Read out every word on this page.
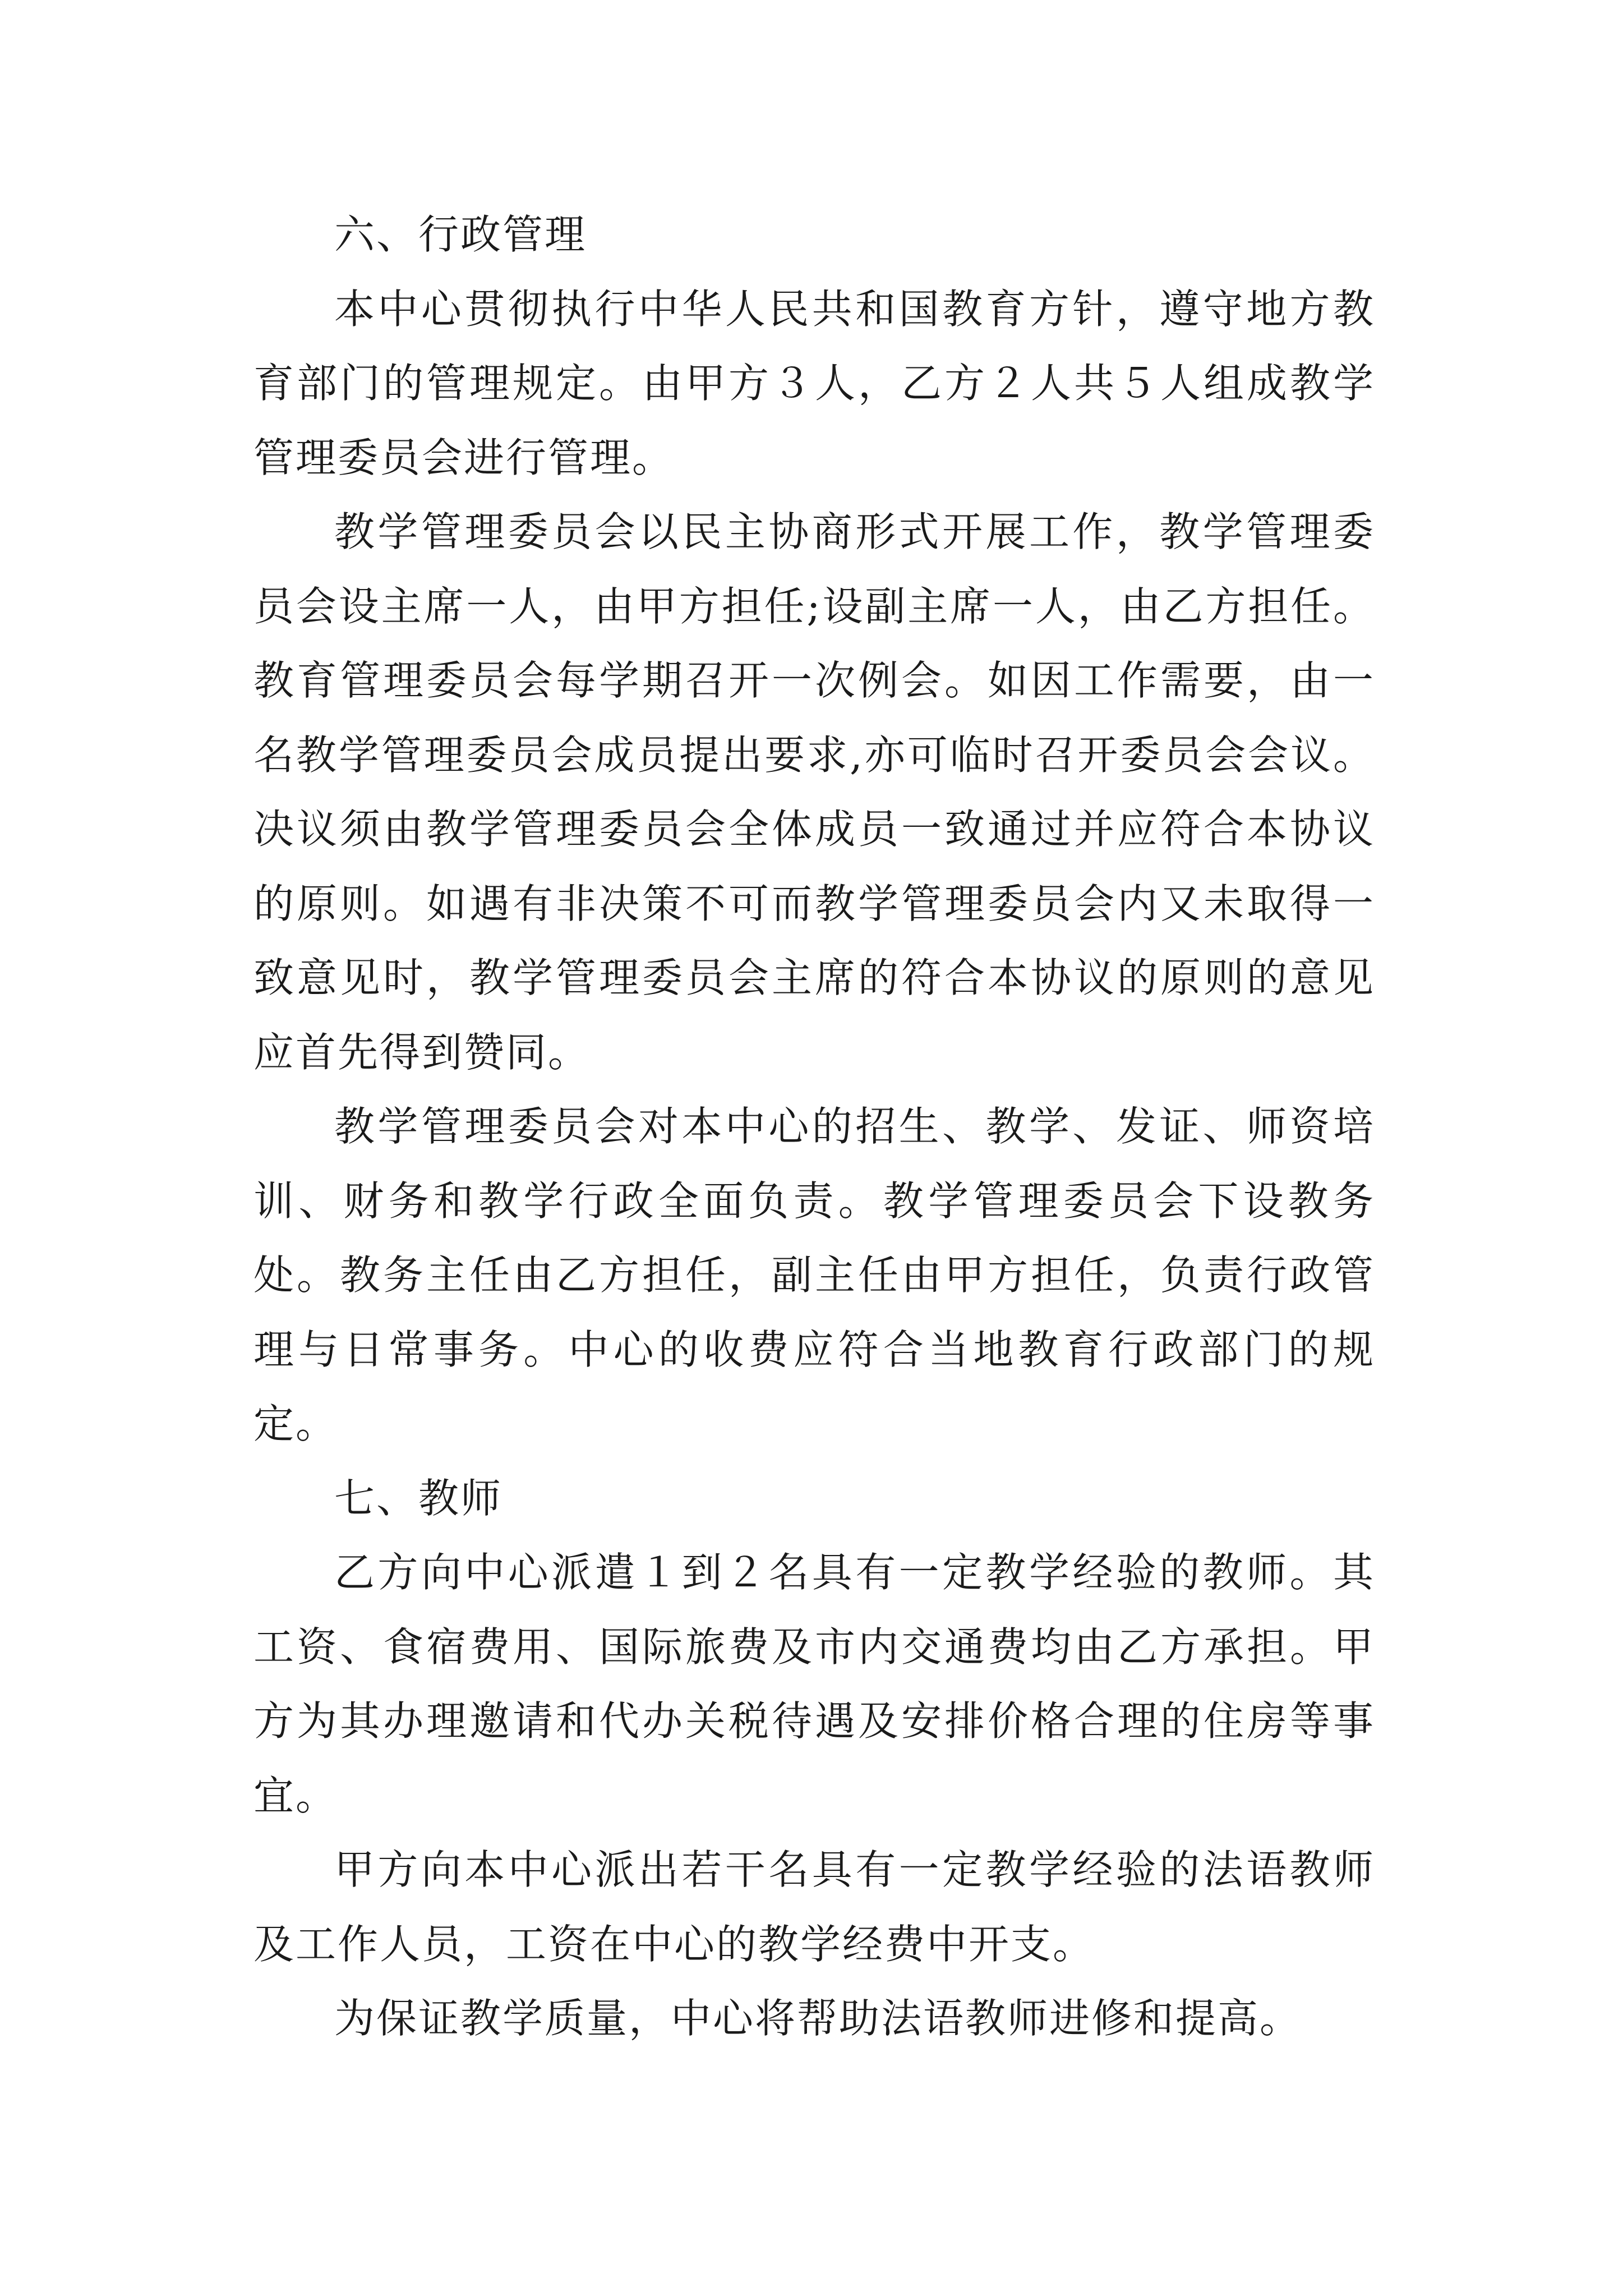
六、行政管理

本中心贯彻执行中华人民共和国教育方针，遵守地方教育部门的管理规定。由甲方３人，乙方２人共５人组成教学管理委员会进行管理。

教学管理委员会以民主协商形式开展工作，教学管理委员会设主席一人，由甲方担任;设副主席一人，由乙方担任。教育管理委员会每学期召开一次例会。如因工作需要，由一名教学管理委员会成员提出要求,亦可临时召开委员会会议。决议须由教学管理委员会全体成员一致通过并应符合本协议的原则。如遇有非决策不可而教学管理委员会内又未取得一致意见时，教学管理委员会主席的符合本协议的原则的意见应首先得到赞同。

教学管理委员会对本中心的招生、教学、发证、师资培训、财务和教学行政全面负责。教学管理委员会下设教务处。教务主任由乙方担任，副主任由甲方担任，负责行政管理与日常事务。中心的收费应符合当地教育行政部门的规定。

七、教师

乙方向中心派遣１到２名具有一定教学经验的教师。其工资、食宿费用、国际旅费及市内交通费均由乙方承担。甲方为其办理邀请和代办关税待遇及安排价格合理的住房等事宜。

甲方向本中心派出若干名具有一定教学经验的法语教师及工作人员，工资在中心的教学经费中开支。

为保证教学质量，中心将帮助法语教师进修和提高。
